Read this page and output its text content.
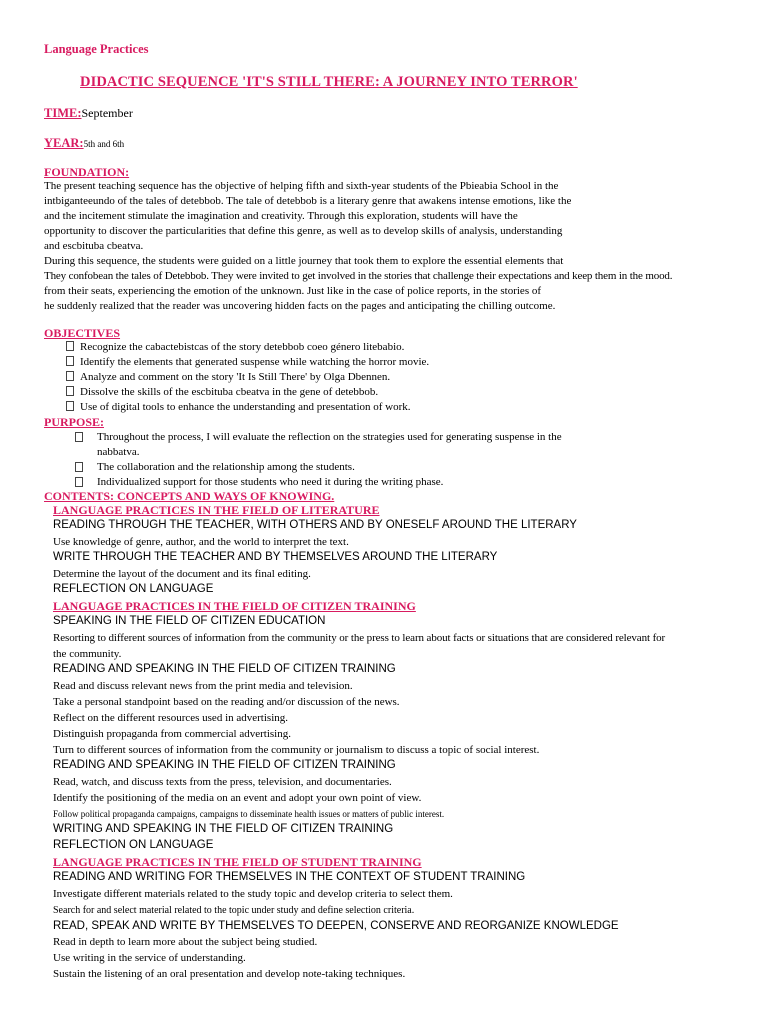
Language Practices
DIDACTIC SEQUENCE 'IT'S STILL THERE: A JOURNEY INTO TERROR'
TIME:September
YEAR:5th and 6th
FOUNDATION:
The present teaching sequence has the objective of helping fifth and sixth-year students of the Pbieabia School in the
intbiganteeundo of the tales of detebbob. The tale of detebbob is a literary genre that awakens intense emotions, like the
and the incitement stimulate the imagination and creativity. Through this exploration, students will have the
opportunity to discover the particularities that define this genre, as well as to develop skills of analysis, understanding
and escbituba cbeatva.
During this sequence, the students were guided on a little journey that took them to explore the essential elements that
They confobean the tales of Detebbob. They were invited to get involved in the stories that challenge their expectations and keep them in the mood.
from their seats, experiencing the emotion of the unknown. Just like in the case of police reports, in the stories of
he suddenly realized that the reader was uncovering hidden facts on the pages and anticipating the chilling outcome.
OBJECTIVES
Recognize the cabactebistcas of the story detebbob coeo género litebabio.
Identify the elements that generated suspense while watching the horror movie.
Analyze and comment on the story 'It Is Still There' by Olga Dbennen.
Dissolve the skills of the escbituba cbeatva in the gene of detebbob.
Use of digital tools to enhance the understanding and presentation of work.
PURPOSE:
Throughout the process, I will evaluate the reflection on the strategies used for generating suspense in the
nabbatva.
The collaboration and the relationship among the students.
Individualized support for those students who need it during the writing phase.
CONTENTS: CONCEPTS AND WAYS OF KNOWING.
LANGUAGE PRACTICES IN THE FIELD OF LITERATURE
READING THROUGH THE TEACHER, WITH OTHERS AND BY ONESELF AROUND THE LITERARY
Use knowledge of genre, author, and the world to interpret the text.
WRITE THROUGH THE TEACHER AND BY THEMSELVES AROUND THE LITERARY
Determine the layout of the document and its final editing.
REFLECTION ON LANGUAGE
LANGUAGE PRACTICES IN THE FIELD OF CITIZEN TRAINING
SPEAKING IN THE FIELD OF CITIZEN EDUCATION
Resorting to different sources of information from the community or the press to learn about facts or situations that are considered relevant for
the community.
READING AND SPEAKING IN THE FIELD OF CITIZEN TRAINING
Read and discuss relevant news from the print media and television.
Take a personal standpoint based on the reading and/or discussion of the news.
Reflect on the different resources used in advertising.
Distinguish propaganda from commercial advertising.
Turn to different sources of information from the community or journalism to discuss a topic of social interest.
READING AND SPEAKING IN THE FIELD OF CITIZEN TRAINING
Read, watch, and discuss texts from the press, television, and documentaries.
Identify the positioning of the media on an event and adopt your own point of view.
Follow political propaganda campaigns, campaigns to disseminate health issues or matters of public interest.
WRITING AND SPEAKING IN THE FIELD OF CITIZEN TRAINING
REFLECTION ON LANGUAGE
LANGUAGE PRACTICES IN THE FIELD OF STUDENT TRAINING
READING AND WRITING FOR THEMSELVES IN THE CONTEXT OF STUDENT TRAINING
Investigate different materials related to the study topic and develop criteria to select them.
Search for and select material related to the topic under study and define selection criteria.
READ, SPEAK AND WRITE BY THEMSELVES TO DEEPEN, CONSERVE AND REORGANIZE KNOWLEDGE
Read in depth to learn more about the subject being studied.
Use writing in the service of understanding.
Sustain the listening of an oral presentation and develop note-taking techniques.
